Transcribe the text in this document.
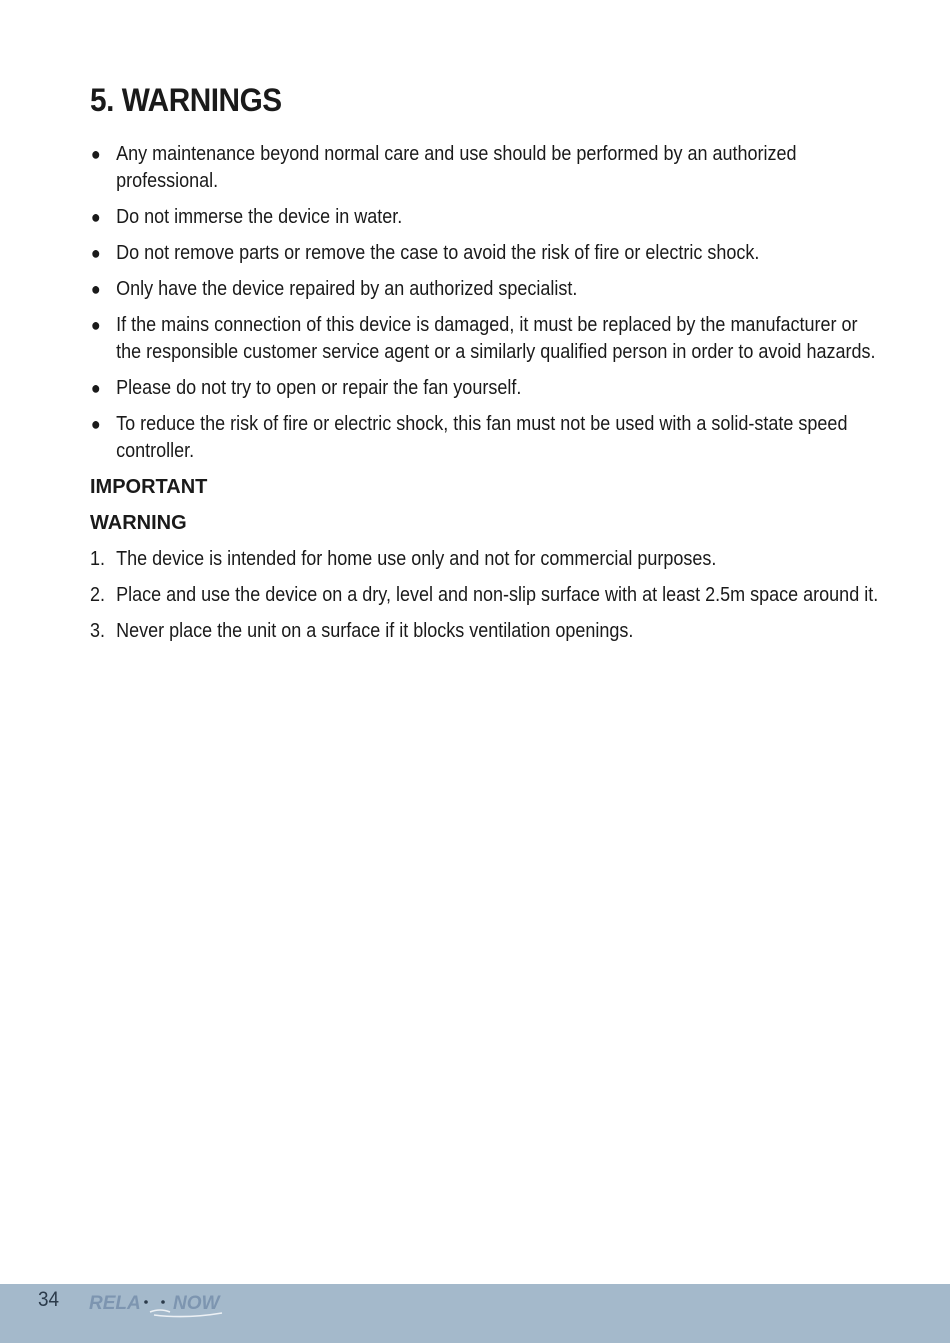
5. WARNINGS
● Any maintenance beyond normal care and use should be performed by an authorized professional.
● Do not immerse the device in water.
● Do not remove parts or remove the case to avoid the risk of fire or electric shock.
● Only have the device repaired by an authorized specialist.
● If the mains connection of this device is damaged, it must be replaced by the manufacturer or the responsible customer service agent or a similarly qualified person in order to avoid hazards.
● Please do not try to open or repair the fan yourself.
● To reduce the risk of fire or electric shock, this fan must not be used with a solid-state speed controller.
IMPORTANT
WARNING
1. The device is intended for home use only and not for commercial purposes.
2. Place and use the device on a dry, level and non-slip surface with at least 2.5m space around it.
3. Never place the unit on a surface if it blocks ventilation openings.
34 RELA NOW
